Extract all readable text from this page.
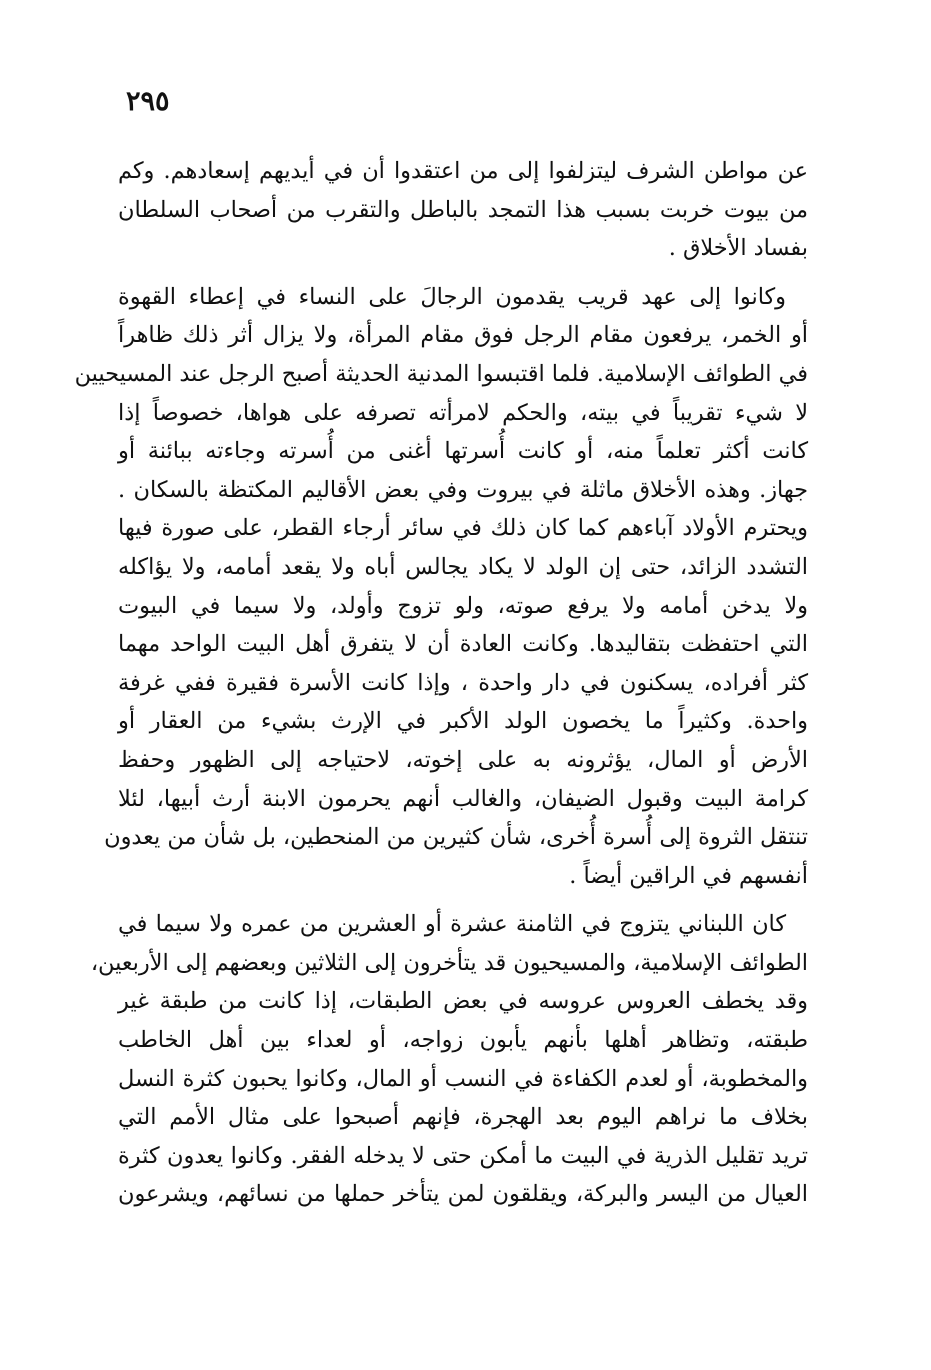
٢٩٥
عن مواطن الشرف ليتزلفوا إلى من اعتقدوا أن في أيديهم إسعادهم. وكم
من بيوت خربت بسبب هذا التمجد بالباطل والتقرب من أصحاب السلطان
بفساد الأخلاق .
وكانوا إلى عهد قريب يقدمون الرجالَ على النساء في إعطاء القهوة
أو الخمر، يرفعون مقام الرجل فوق مقام المرأة، ولا يزال أثر ذلك ظاهراً
في الطوائف الإسلامية. فلما اقتبسوا المدنية الحديثة أصبح الرجل عند المسيحيين
لا شيء تقريباً في بيته، والحكم لامرأته تصرفه على هواها، خصوصاً إذا
كانت أكثر تعلماً منه، أو كانت أُسرتها أغنى من أُسرته وجاءته ببائنة أو
جهاز. وهذه الأخلاق ماثلة في بيروت وفي بعض الأقاليم المكتظة بالسكان .
ويحترم الأولاد آباءهم كما كان ذلك في سائر أرجاء القطر، على صورة فيها
التشدد الزائد، حتى إن الولد لا يكاد يجالس أباه ولا يقعد أمامه، ولا يؤاكله
ولا يدخن أمامه ولا يرفع صوته، ولو تزوج وأولد، ولا سيما في البيوت
التي احتفظت بتقاليدها. وكانت العادة أن لا يتفرق أهل البيت الواحد مهما
كثر أفراده، يسكنون في دار واحدة ، وإذا كانت الأسرة فقيرة ففي غرفة
واحدة. وكثيراً ما يخصون الولد الأكبر في الإرث بشيء من العقار أو
الأرض أو المال، يؤثرونه به على إخوته، لاحتياجه إلى الظهور وحفظ
كرامة البيت وقبول الضيفان، والغالب أنهم يحرمون الابنة أرث أبيها، لئلا
تنتقل الثروة إلى أُسرة أُخرى، شأن كثيرين من المنحطين، بل شأن من يعدون
أنفسهم في الراقين أيضاً .
كان اللبناني يتزوج في الثامنة عشرة أو العشرين من عمره ولا سيما في
الطوائف الإسلامية، والمسيحيون قد يتأخرون إلى الثلاثين وبعضهم إلى الأربعين،
وقد يخطف العروس عروسه في بعض الطبقات، إذا كانت من طبقة غير
طبقته، وتظاهر أهلها بأنهم يأبون زواجه، أو لعداء بين أهل الخاطب
والمخطوبة، أو لعدم الكفاءة في النسب أو المال، وكانوا يحبون كثرة النسل
بخلاف ما نراهم اليوم بعد الهجرة، فإنهم أصبحوا على مثال الأمم التي
تريد تقليل الذرية في البيت ما أمكن حتى لا يدخله الفقر. وكانوا يعدون كثرة
العيال من اليسر والبركة، ويقلقون لمن يتأخر حملها من نسائهم، ويشرعون
